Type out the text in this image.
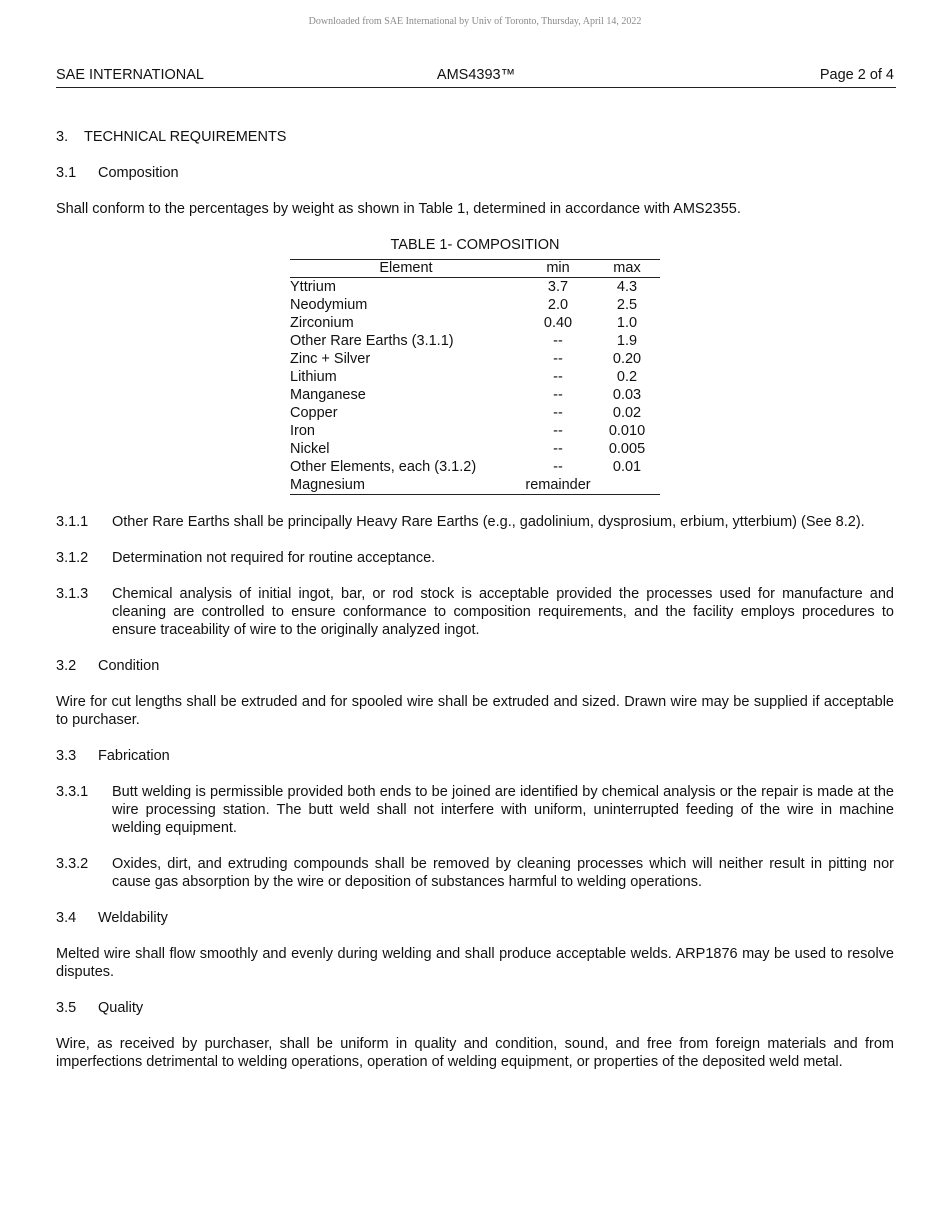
Downloaded from SAE International by Univ of Toronto, Thursday, April 14, 2022
AMS4393™
SAE INTERNATIONAL	Page 2 of 4
3. TECHNICAL REQUIREMENTS
3.1 Composition

Shall conform to the percentages by weight as shown in Table 1, determined in accordance with AMS2355.

TABLE 1- COMPOSITION
Element	min	max
Yttrium	3.7	4.3
Neodymium	2.0	2.5
Zirconium	0.40	1.0
Other Rare Earths (3.1.1)	--	1.9
Zinc + Silver	--	0.20
Lithium	--	0.2
Manganese	--	0.03
Copper	--	0.02
Iron	--	0.010
Nickel	--	0.005
Other Elements, each (3.1.2)	--	0.01
Magnesium	remainder	
3.1.1	Other Rare Earths shall be principally Heavy Rare Earths (e.g., gadolinium, dysprosium, erbium, ytterbium) (See 8.2).
3.1.2	Determination not required for routine acceptance.
3.1.3	Chemical analysis of initial ingot, bar, or rod stock is acceptable provided the processes used for manufacture and cleaning are controlled to ensure conformance to composition requirements, and the facility employs procedures to ensure traceability of wire to the originally analyzed ingot.
3.2 Condition

Wire for cut lengths shall be extruded and for spooled wire shall be extruded and sized. Drawn wire may be supplied if acceptable to purchaser.

3.3 Fabrication
3.3.1	Butt welding is permissible provided both ends to be joined are identified by chemical analysis or the repair is made at the wire processing station. The butt weld shall not interfere with uniform, uninterrupted feeding of the wire in machine welding equipment.
3.3.2	Oxides, dirt, and extruding compounds shall be removed by cleaning processes which will neither result in pitting nor cause gas absorption by the wire or deposition of substances harmful to welding operations.
3.4 Weldability

Melted wire shall flow smoothly and evenly during welding and shall produce acceptable welds. ARP1876 may be used to resolve disputes.

3.5 Quality

Wire, as received by purchaser, shall be uniform in quality and condition, sound, and free from foreign materials and from imperfections detrimental to welding operations, operation of welding equipment, or properties of the deposited weld metal.
